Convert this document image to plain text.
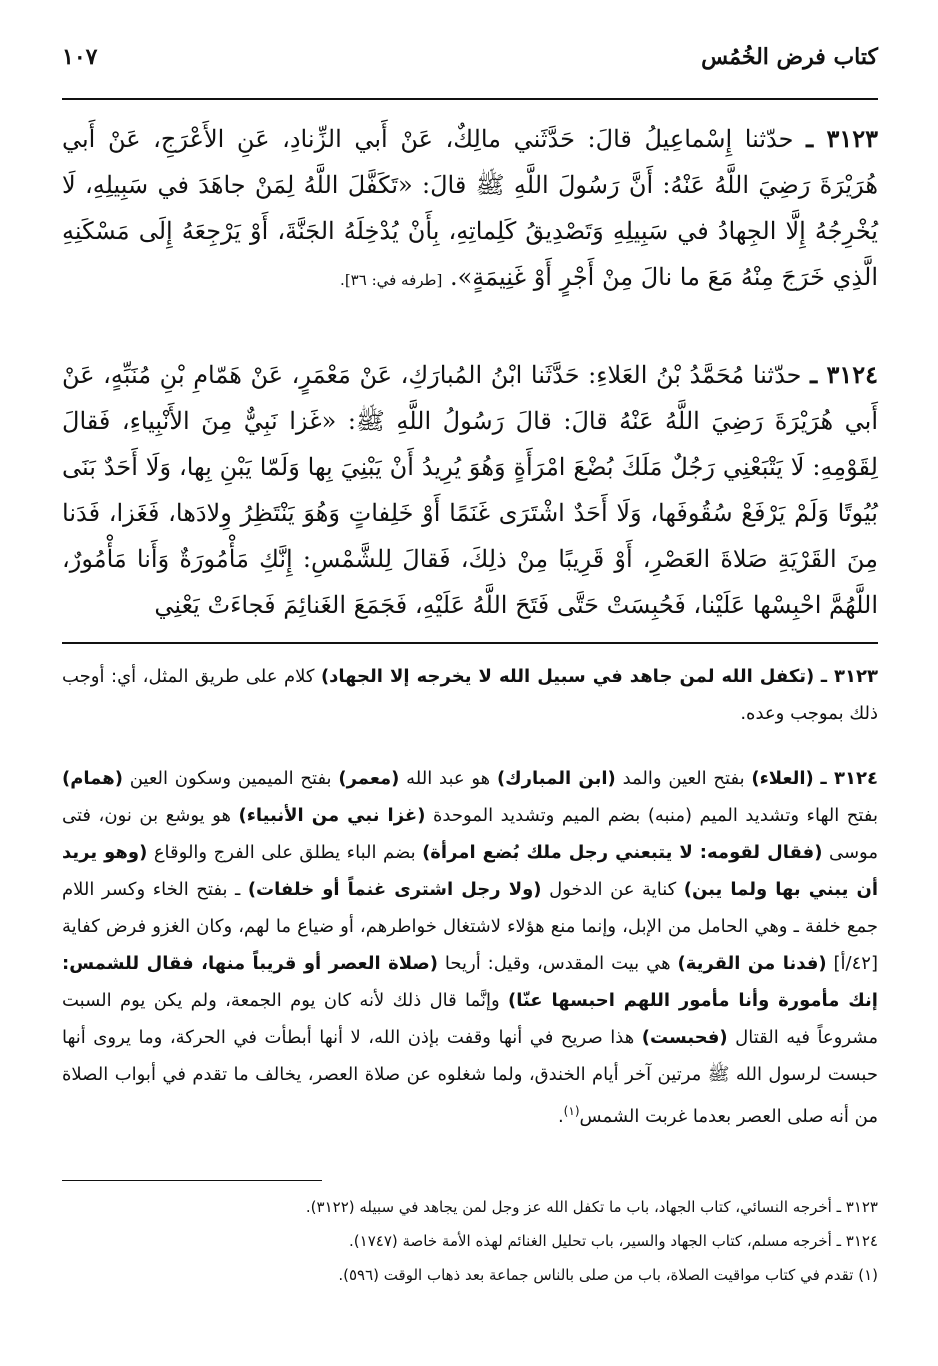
كتاب فرض الخُمُس
١٠٧

٣١٢٣ ـ حدّثنا إِسْماعِيلُ قالَ: حَدَّثَني مالِكٌ، عَنْ أَبي الزِّنادِ، عَنِ الأَعْرَجِ، عَنْ أَبي هُرَيْرَةَ رَضِيَ اللَّهُ عَنْهُ: أَنَّ رَسُولَ اللَّهِ ﷺ قالَ: «تَكَفَّلَ اللَّهُ لِمَنْ جاهَدَ في سَبِيلِهِ، لَا يُخْرِجُهُ إِلَّا الجِهادُ في سَبِيلِهِ وَتَصْدِيقُ كَلِماتِهِ، بِأَنْ يُدْخِلَهُ الجَنَّةَ، أَوْ يَرْجِعَهُ إِلَى مَسْكَنِهِ الَّذِي خَرَجَ مِنْهُ مَعَ ما نالَ مِنْ أَجْرٍ أَوْ غَنِيمَةٍ». [طرفه في: ٣٦].

٣١٢٤ ـ حدّثنا مُحَمَّدُ بْنُ العَلاءِ: حَدَّثَنا ابْنُ المُبارَكِ، عَنْ مَعْمَرٍ، عَنْ هَمّامِ بْنِ مُنَبِّهٍ، عَنْ أَبي هُرَيْرَةَ رَضِيَ اللَّهُ عَنْهُ قالَ: قالَ رَسُولُ اللَّهِ ﷺ: «غَزا نَبِيٌّ مِنَ الأَنْبِياءِ، فَقالَ لِقَوْمِهِ: لَا يَتْبَعْنِي رَجُلٌ مَلَكَ بُضْعَ امْرَأَةٍ وَهُوَ يُرِيدُ أَنْ يَبْنِيَ بِها وَلَمّا يَبْنِ بِها، وَلَا أَحَدٌ بَنَى بُيُوتًا وَلَمْ يَرْفَعْ سُقُوفَها، وَلَا أَحَدٌ اشْتَرَى غَنَمًا أَوْ خَلِفاتٍ وَهُوَ يَنْتَظِرُ وِلادَها، فَغَزا، فَدَنا مِنَ القَرْيَةِ صَلاةَ العَصْرِ، أَوْ قَرِيبًا مِنْ ذلِكَ، فَقالَ لِلشَّمْسِ: إِنَّكِ مَأْمُورَةٌ وَأَنا مَأْمُورٌ، اللَّهُمَّ احْبِسْها عَلَيْنا، فَحُبِسَتْ حَتَّى فَتَحَ اللَّهُ عَلَيْهِ، فَجَمَعَ الغَنائِمَ فَجاءَتْ يَعْنِي

٣١٢٣ ـ (تكفل الله لمن جاهد في سبيل الله لا يخرجه إلا الجهاد) كلام على طريق المثل، أي: أوجب ذلك بموجب وعده.

٣١٢٤ ـ (العلاء) بفتح العين والمد (ابن المبارك) هو عبد الله (معمر) بفتح الميمين وسكون العين (همام) بفتح الهاء وتشديد الميم (منبه) بضم الميم وتشديد الموحدة (غزا نبي من الأنبياء) هو يوشع بن نون، فتى موسى (فقال لقومه: لا يتبعني رجل ملك بُضع امرأة) بضم الباء يطلق على الفرج والوقاع (وهو يريد أن يبني بها ولما يبن) كناية عن الدخول (ولا رجل اشترى غنماً أو خلفات) ـ بفتح الخاء وكسر اللام جمع خلفة ـ وهي الحامل من الإبل، وإنما منع هؤلاء لاشتغال خواطرهم، أو ضياع ما لهم، وكان الغزو فرض كفاية [٤٢/أ] (فدنا من القرية) هي بيت المقدس، وقيل: أريحا (صلاة العصر أو قريباً منها، فقال للشمس: إنك مأمورة وأنا مأمور اللهم احبسها عنّا) وإنَّما قال ذلك لأنه كان يوم الجمعة، ولم يكن يوم السبت مشروعاً فيه القتال (فحبست) هذا صريح في أنها وقفت بإذن الله، لا أنها أبطأت في الحركة، وما يروى أنها حبست لرسول الله ﷺ مرتين آخر أيام الخندق، ولما شغلوه عن صلاة العصر، يخالف ما تقدم في أبواب الصلاة من أنه صلى العصر بعدما غربت الشمس$^{(١)}$.

٣١٢٣ ـ أخرجه النسائي، كتاب الجهاد، باب ما تكفل الله عز وجل لمن يجاهد في سبيله (٣١٢٢).

٣١٢٤ ـ أخرجه مسلم، كتاب الجهاد والسير، باب تحليل الغنائم لهذه الأمة خاصة (١٧٤٧).

(١) تقدم في كتاب مواقيت الصلاة، باب من صلى بالناس جماعة بعد ذهاب الوقت (٥٩٦).
